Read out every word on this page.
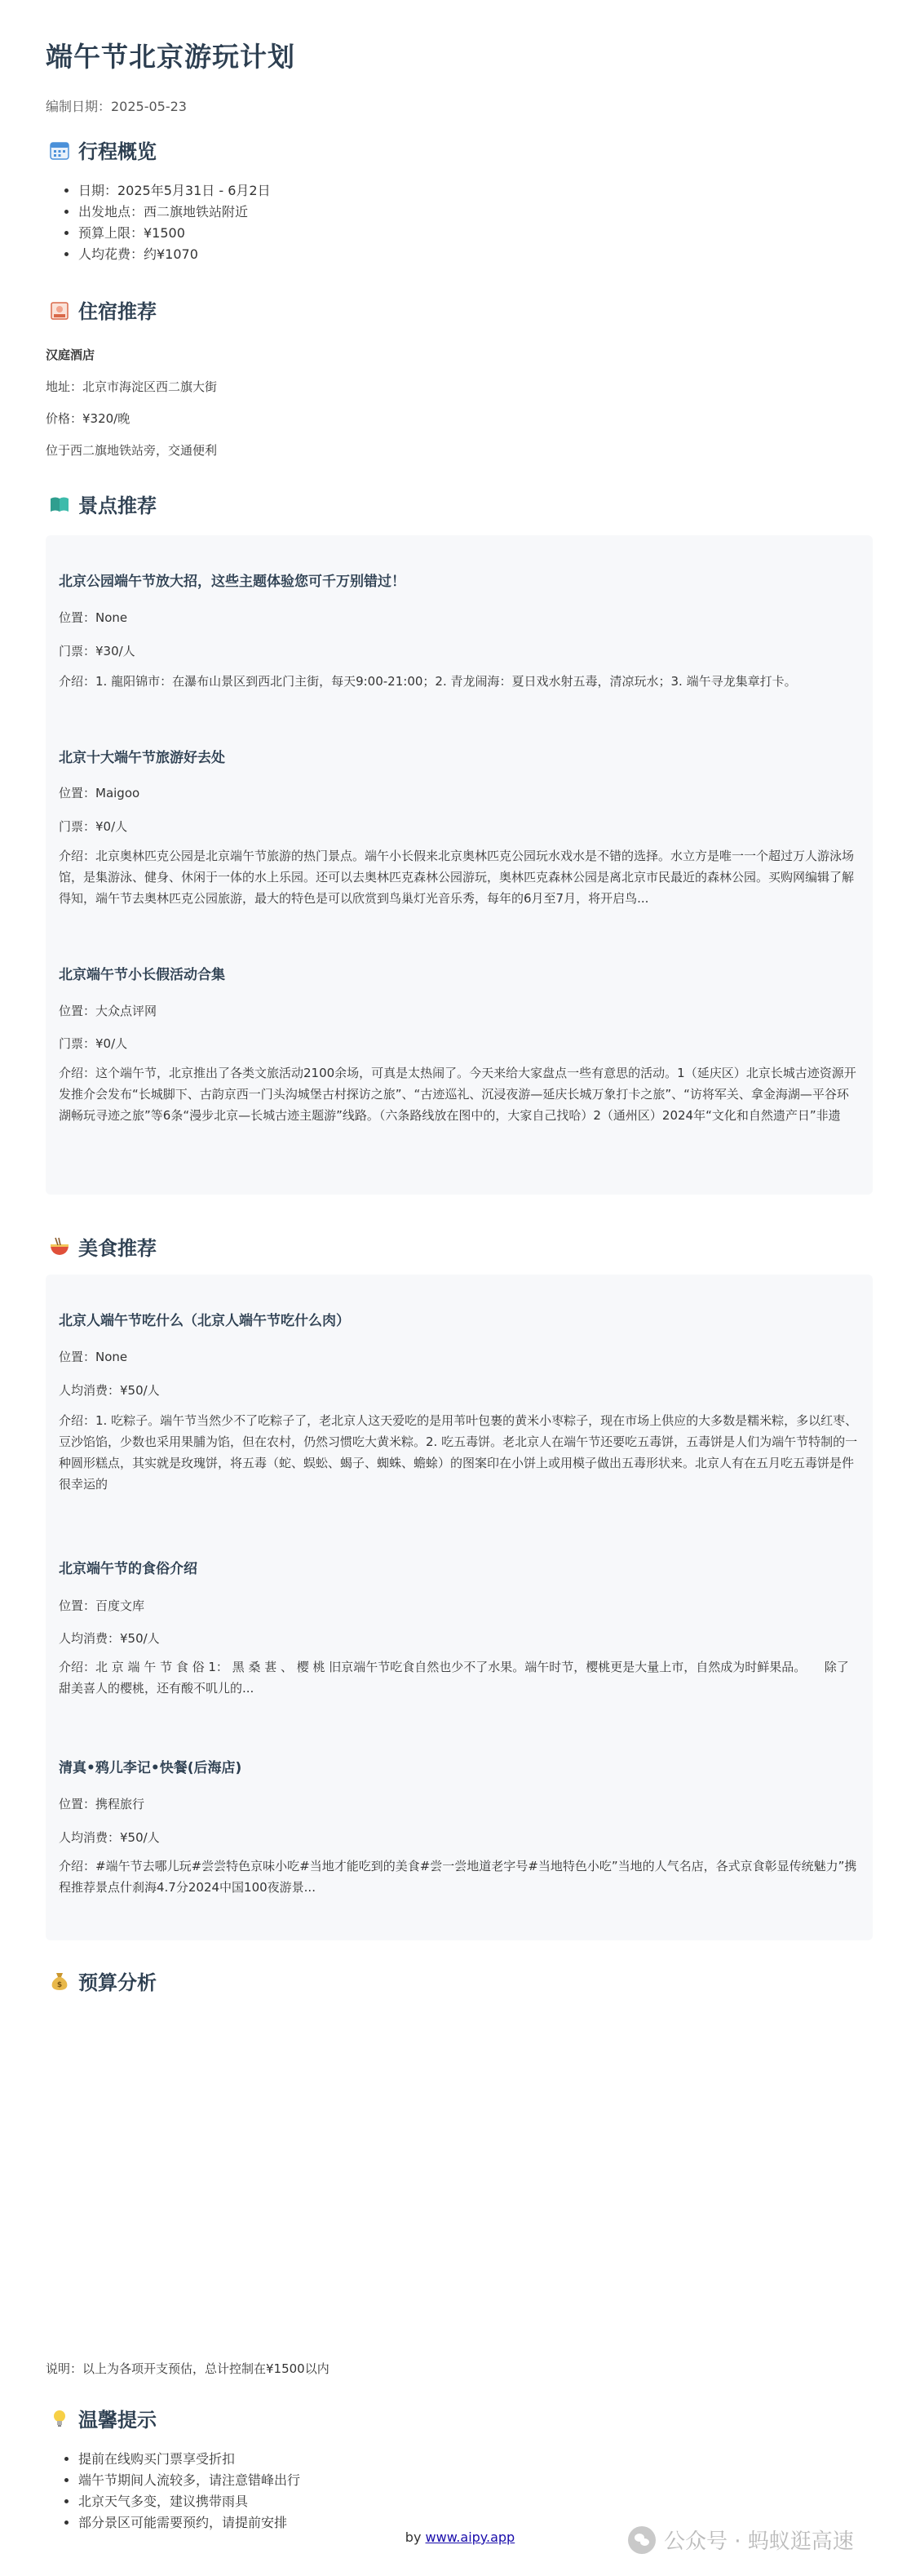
端午节北京游玩计划
编制日期：2025-05-23
行程概览
• 日期：2025年5月31日 - 6月2日
• 出发地点：西二旗地铁站附近
• 预算上限：¥1500
• 人均花费：约¥1070
住宿推荐
汉庭酒店
地址：北京市海淀区西二旗大街
价格：¥320/晚
位于西二旗地铁站旁，交通便利
景点推荐
北京公园端午节放大招，这些主题体验您可千万别错过！
位置：None
门票：¥30/人
介绍：1. 龍阳锦市：在瀑布山景区到西北门主街，每天9:00-21:00；2. 青龙闹海：夏日戏水射五毒，清凉玩水；3. 端午寻龙集章打卡。
北京十大端午节旅游好去处
位置：Maigoo
门票：¥0/人
介绍：北京奥林匹克公园是北京端午节旅游的热门景点。端午小长假来北京奥林匹克公园玩水戏水是不错的选择。水立方是唯一一个超过万人游泳场馆，是集游泳、健身、休闲于一体的水上乐园。还可以去奥林匹克森林公园游玩，奥林匹克森林公园是离北京市民最近的森林公园。买购网编辑了解得知，端午节去奥林匹克公园旅游，最大的特色是可以欣赏到鸟巢灯光音乐秀，每年的6月至7月，将开启鸟...
北京端午节小长假活动合集
位置：大众点评网
门票：¥0/人
介绍：这个端午节，北京推出了各类文旅活动2100余场，可真是太热闹了。今天来给大家盘点一些有意思的活动。1（延庆区）北京长城古迹资源开发推介会发布“长城脚下、古韵京西一门头沟城堡古村探访之旅”、“古迹巡礼、沉浸夜游—延庆长城万象打卡之旅”、“访将军关、拿金海湖—平谷环湖畅玩寻迹之旅”等6条“漫步北京—长城古迹主题游”线路。（六条路线放在图中的，大家自己找哈）2（通州区）2024年“文化和自然遗产日”非遗
美食推荐
北京人端午节吃什么（北京人端午节吃什么肉）
位置：None
人均消费：¥50/人
介绍：1. 吃粽子。端午节当然少不了吃粽子了，老北京人这天爱吃的是用苇叶包裹的黄米小枣粽子，现在市场上供应的大多数是糯米粽，多以红枣、豆沙馅馅，少数也采用果脯为馅，但在农村，仍然习惯吃大黄米粽。2. 吃五毒饼。老北京人在端午节还要吃五毒饼，五毒饼是人们为端午节特制的一种圆形糕点，其实就是玫瑰饼，将五毒（蛇、蜈蚣、蝎子、蜘蛛、蟾蜍）的图案印在小饼上或用模子做出五毒形状来。北京人有在五月吃五毒饼是件很幸运的
北京端午节的食俗介绍
位置：百度文库
人均消费：¥50/人
介绍：北 京 端 午 节 食 俗 1： 黑 桑 葚 、 樱 桃 旧京端午节吃食自然也少不了水果。端午时节，樱桃更是大量上市，自然成为时鲜果品。　　除了甜美喜人的樱桃，还有酸不叽儿的...
清真•鸦儿李记•快餐(后海店)
位置：携程旅行
人均消费：¥50/人
介绍：#端午节去哪儿玩#尝尝特色京味小吃#当地才能吃到的美食#尝一尝地道老字号#当地特色小吃”当地的人气名店，各式京食彰显传统魅力”携程推荐景点什刹海4.7分2024中国100夜游景...
$ 预算分析
说明：以上为各项开支预估，总计控制在¥1500以内
温馨提示
• 提前在线购买门票享受折扣
• 端午节期间人流较多，请注意错峰出行
• 北京天气多变，建议携带雨具
• 部分景区可能需要预约，请提前安排
by www.aipy.app	公众号 · 蚂蚁逛高速
